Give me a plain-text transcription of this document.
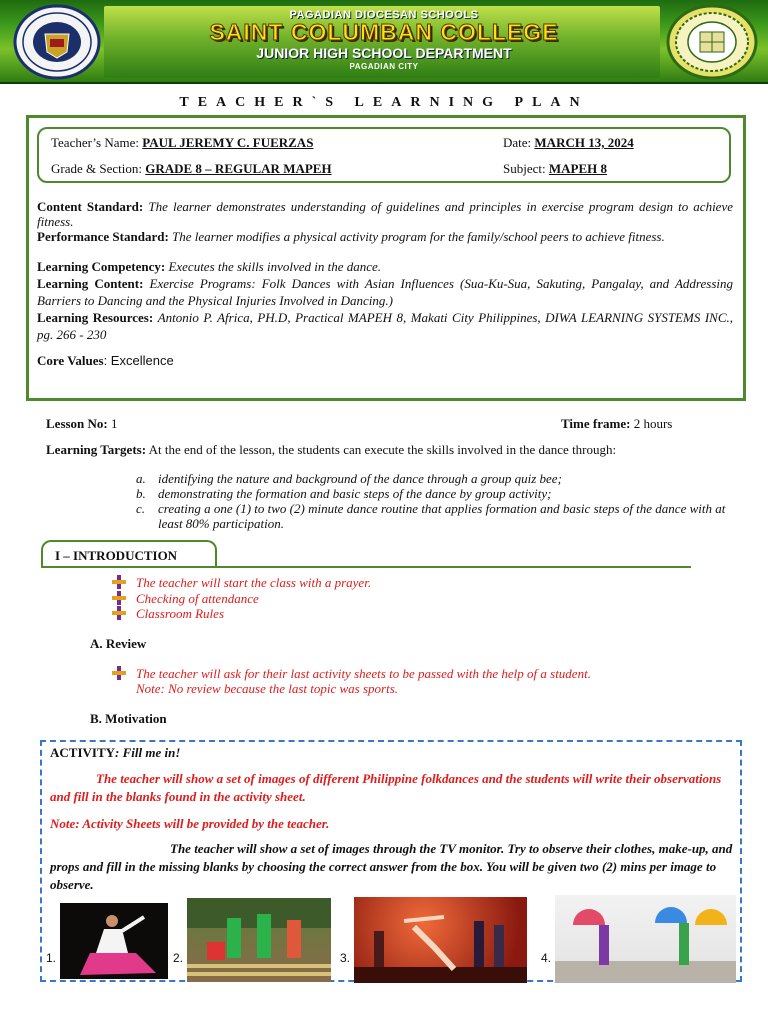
PAGADIAN DIOCESAN SCHOOLS
SAINT COLUMBAN COLLEGE
JUNIOR HIGH SCHOOL DEPARTMENT
PAGADIAN CITY
TEACHER`S LEARNING PLAN
Teacher’s Name: PAUL JEREMY C. FUERZAS	Date: MARCH 13, 2024
Grade & Section: GRADE 8 – REGULAR MAPEH	Subject: MAPEH 8
Content Standard: The learner demonstrates understanding of guidelines and principles in exercise program design to achieve fitness.
Performance Standard: The learner modifies a physical activity program for the family/school peers to achieve fitness.
Learning Competency: Executes the skills involved in the dance.
Learning Content: Exercise Programs: Folk Dances with Asian Influences (Sua-Ku-Sua, Sakuting, Pangalay, and Addressing Barriers to Dancing and the Physical Injuries Involved in Dancing.)
Learning Resources: Antonio P. Africa, PH.D, Practical MAPEH 8, Makati City Philippines, DIWA LEARNING SYSTEMS INC., pg. 266 - 230
Core Values: Excellence
Lesson No: 1	Time frame: 2 hours
Learning Targets: At the end of the lesson, the students can execute the skills involved in the dance through:
a. identifying the nature and background of the dance through a group quiz bee;
b. demonstrating the formation and basic steps of the dance by group activity;
c. creating a one (1) to two (2) minute dance routine that applies formation and basic steps of the dance with at least 80% participation.
I – INTRODUCTION
The teacher will start the class with a prayer.
Checking of attendance
Classroom Rules
A. Review
The teacher will ask for their last activity sheets to be passed with the help of a student.
Note: No review because the last topic was sports.
B. Motivation
ACTIVITY: Fill me in!
The teacher will show a set of images of different Philippine folkdances and the students will write their observations and fill in the blanks found in the activity sheet.
Note: Activity Sheets will be provided by the teacher.
The teacher will show a set of images through the TV monitor. Try to observe their clothes, make-up, and props and fill in the missing blanks by choosing the correct answer from the box. You will be given two (2) mins per image to observe.
1.	2.	3.	4.
